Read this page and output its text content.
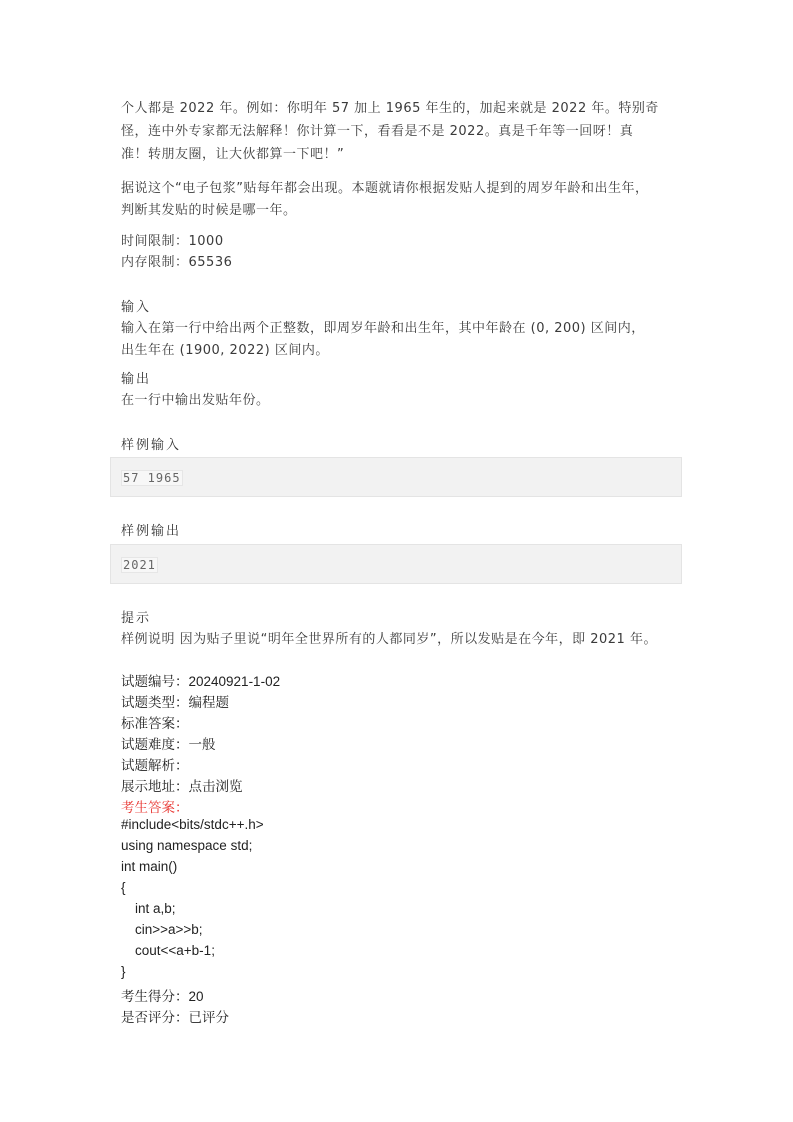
个人都是 2022 年。例如：你明年 57 加上 1965 年生的，加起来就是 2022 年。特别奇
怪，连中外专家都无法解释！你计算一下，看看是不是 2022。真是千年等一回呀！真
准！转朋友圈，让大伙都算一下吧！”
据说这个“电子包浆”贴每年都会出现。本题就请你根据发贴人提到的周岁年龄和出生年，
判断其发贴的时候是哪一年。
时间限制：1000
内存限制：65536
输入
输入在第一行中给出两个正整数，即周岁年龄和出生年，其中年龄在 (0, 200) 区间内，
出生年在 (1900, 2022) 区间内。
输出
在一行中输出发贴年份。
样例输入
57 1965
样例输出
2021
提示
样例说明 因为贴子里说“明年全世界所有的人都同岁”，所以发贴是在今年，即 2021 年。
试题编号：20240921-1-02
试题类型：编程题
标准答案：
试题难度：一般
试题解析：
展示地址：点击浏览
考生答案：
#include<bits/stdc++.h>
using namespace std;
int main()
{
int a,b;
cin>>a>>b;
cout<<a+b-1;
}
考生得分：20
是否评分：已评分
